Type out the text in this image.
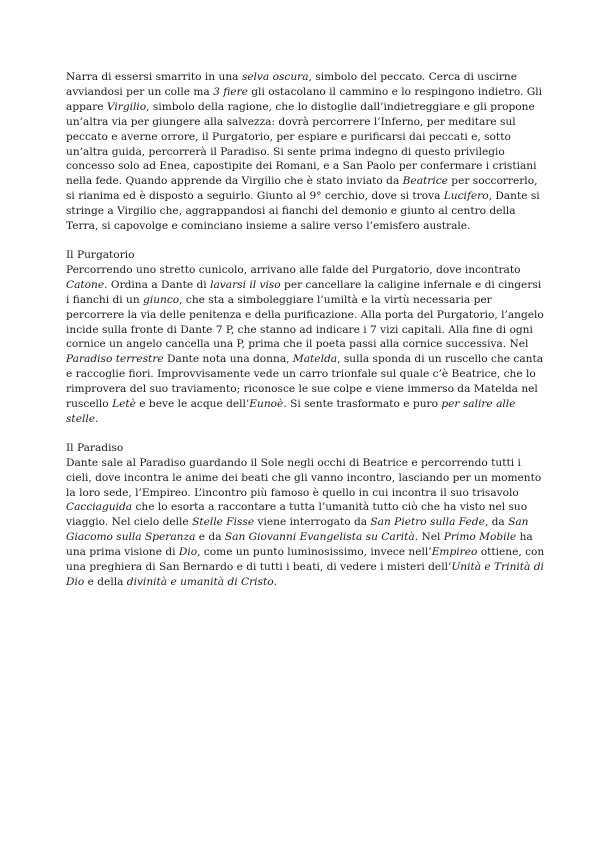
Narra di essersi smarrito in una selva oscura, simbolo del peccato. Cerca di uscirne avviandosi per un colle ma 3 fiere gli ostacolano il cammino e lo respingono indietro. Gli appare Virgilio, simbolo della ragione, che lo distoglie dall’indietreggiare e gli propone un’altra via per giungere alla salvezza: dovrà percorrere l’Inferno, per meditare sul peccato e averne orrore, il Purgatorio, per espiare e purificarsi dai peccati e, sotto un’altra guida, percorrerà il Paradiso. Si sente prima indegno di questo privilegio concesso solo ad Enea, capostipite dei Romani, e a San Paolo per confermare i cristiani nella fede. Quando apprende da Virgilio che è stato inviato da Beatrice per soccorrerlo, si rianima ed è disposto a seguirlo. Giunto al 9° cerchio, dove si trova Lucifero, Dante si stringe a Virgilio che, aggrappandosi ai fianchi del demonio e giunto al centro della Terra, si capovolge e cominciano insieme a salire verso l’emisfero australe.

Il Purgatorio

Percorrendo uno stretto cunicolo, arrivano alle falde del Purgatorio, dove incontrato Catone. Ordina a Dante di lavarsi il viso per cancellare la caligine infernale e di cingersi i fianchi di un giunco, che sta a simboleggiare l’umiltà e la virtù necessaria per percorrere la via delle penitenza e della purificazione. Alla porta del Purgatorio, l’angelo incide sulla fronte di Dante 7 P, che stanno ad indicare i 7 vizi capitali. Alla fine di ogni cornice un angelo cancella una P, prima che il poeta passi alla cornice successiva. Nel Paradiso terrestre Dante nota una donna, Matelda, sulla sponda di un ruscello che canta e raccoglie fiori. Improvvisamente vede un carro trionfale sul quale c’è Beatrice, che lo rimprovera del suo traviamento; riconosce le sue colpe e viene immerso da Matelda nel ruscello Letè e beve le acque dell’Eunoè. Si sente trasformato e puro per salire alle stelle.

Il Paradiso

Dante sale al Paradiso guardando il Sole negli occhi di Beatrice e percorrendo tutti i cieli, dove incontra le anime dei beati che gli vanno incontro, lasciando per un momento la loro sede, l’Empireo. L’incontro più famoso è quello in cui incontra il suo trisavolo Cacciaguida che lo esorta a raccontare a tutta l’umanità tutto ciò che ha visto nel suo viaggio. Nel cielo delle Stelle Fisse viene interrogato da San Pietro sulla Fede, da San Giacomo sulla Speranza e da San Giovanni Evangelista su Carità. Nel Primo Mobile ha una prima visione di Dio, come un punto luminosissimo, invece nell’Empireo ottiene, con una preghiera di San Bernardo e di tutti i beati, di vedere i misteri dell’Unità e Trinità di Dio e della divinità e umanità di Cristo.
